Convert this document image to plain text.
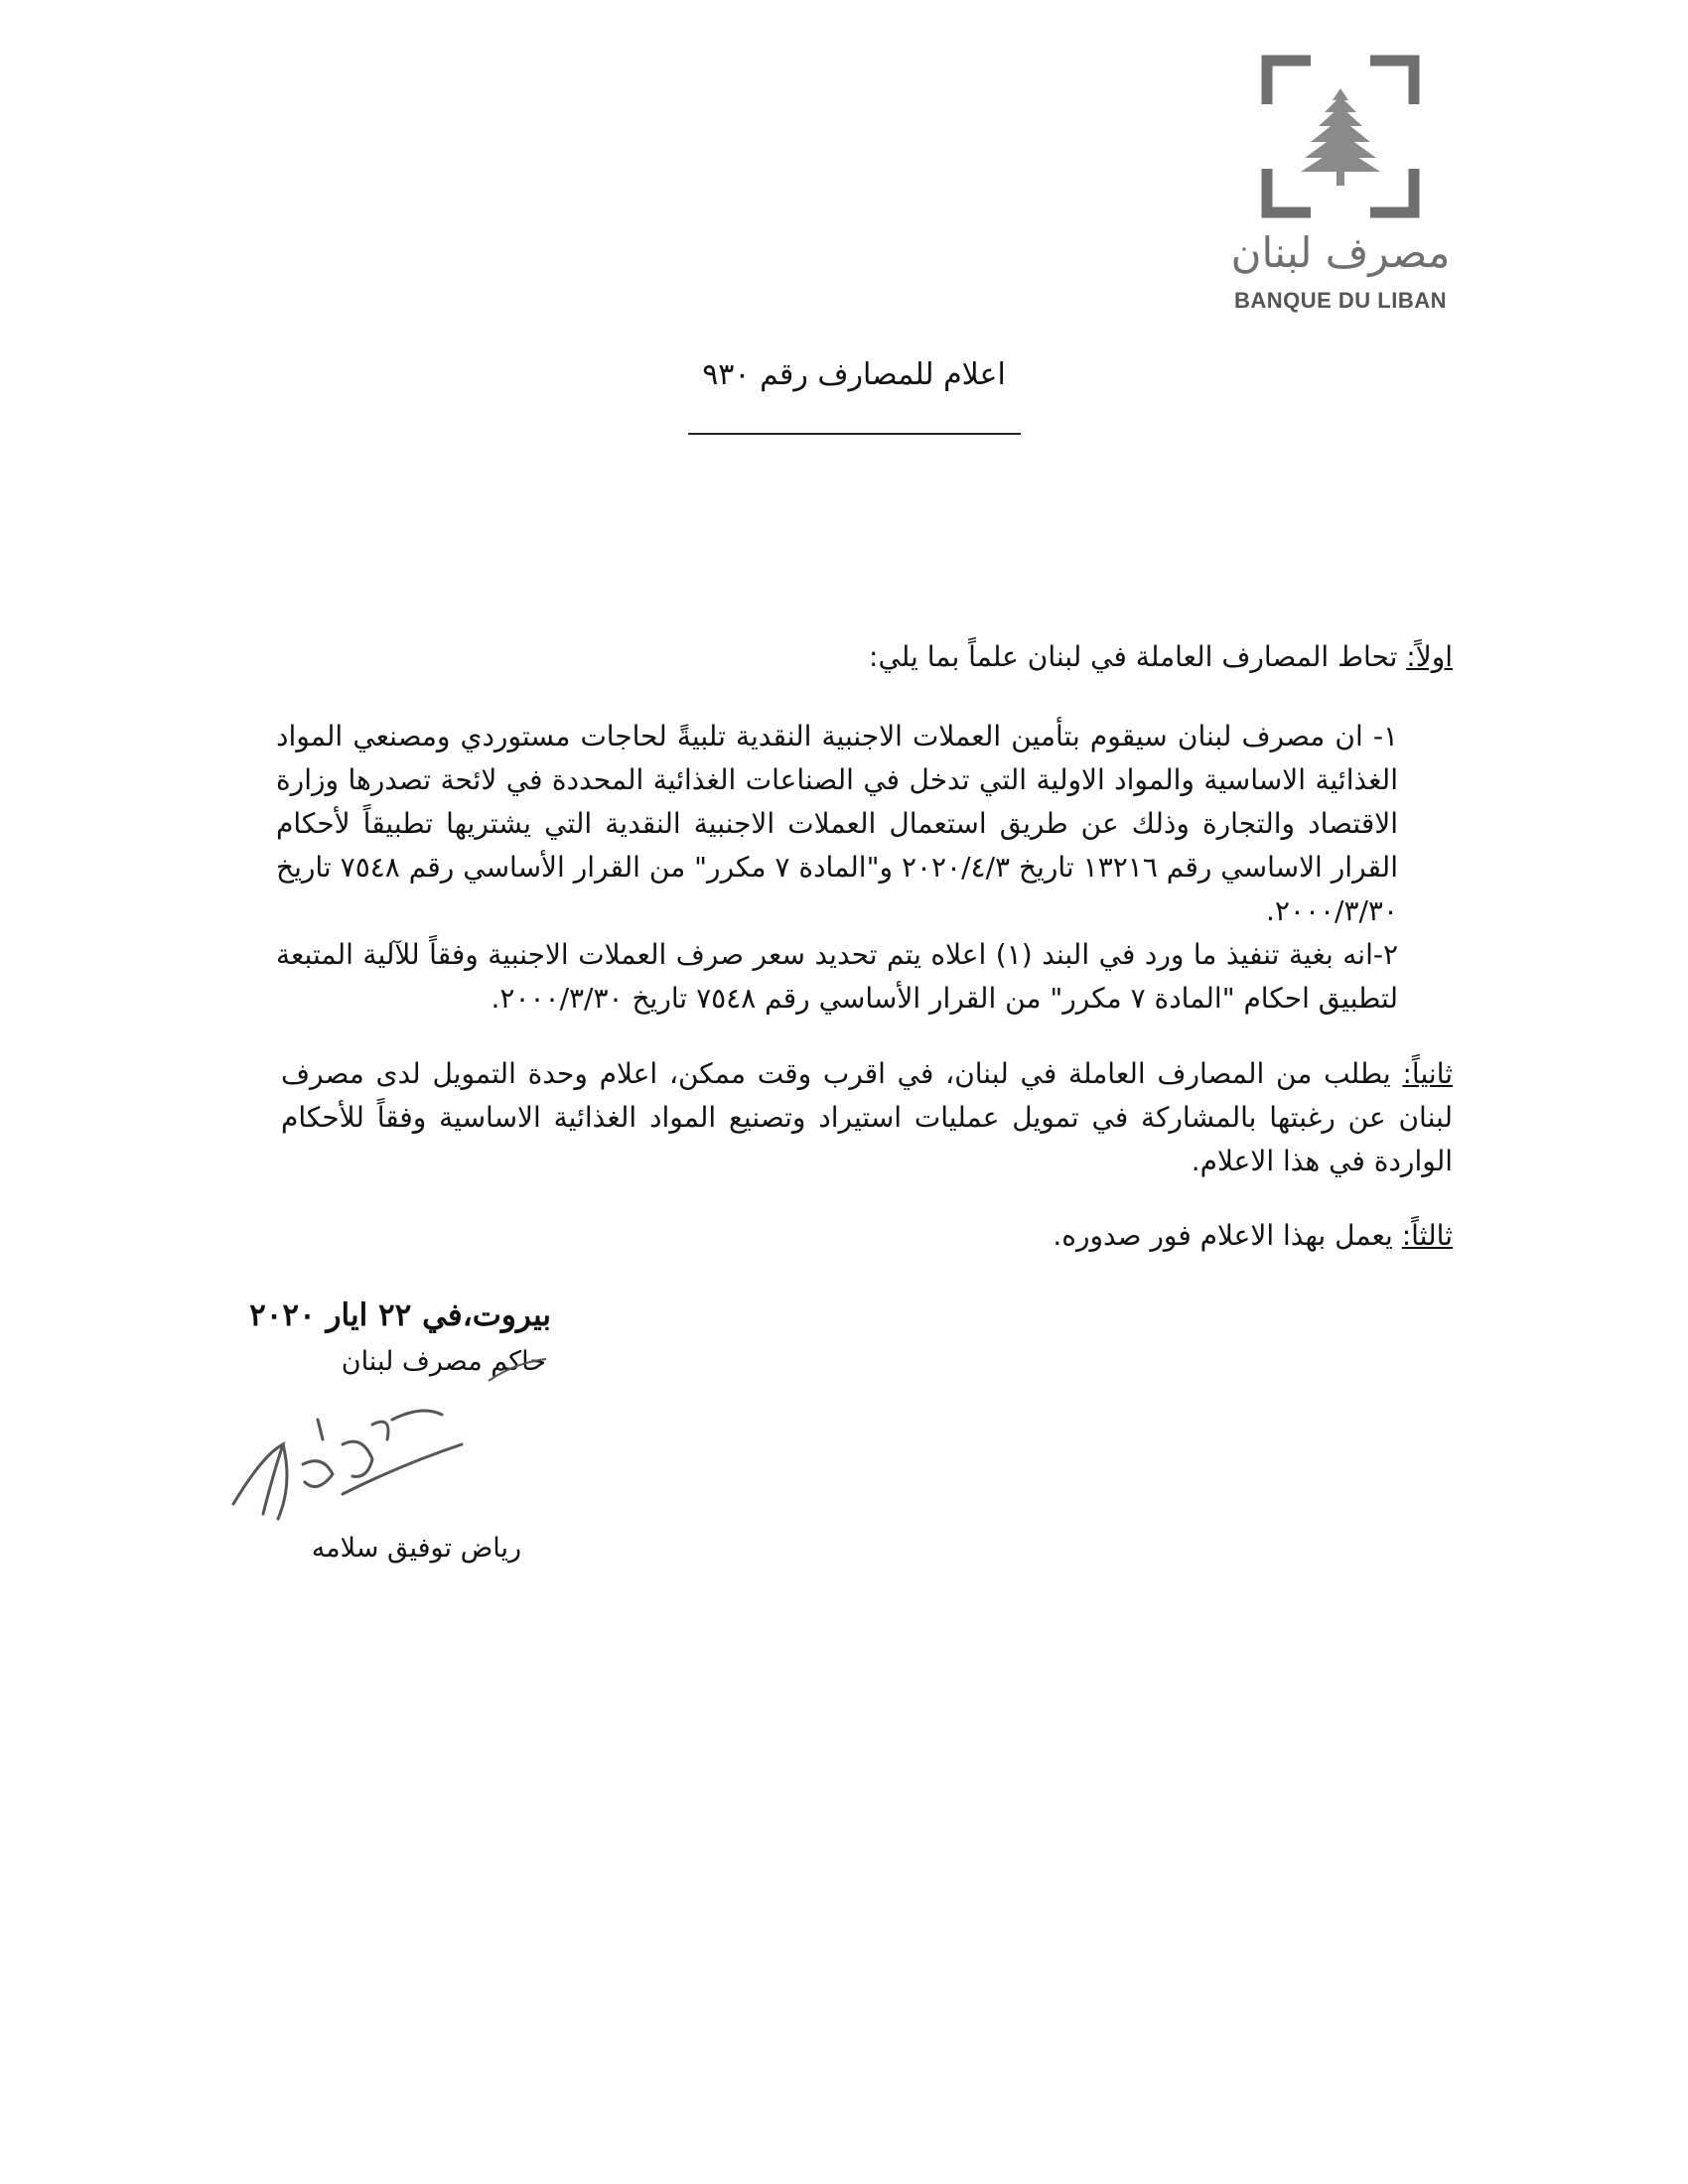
مصرف لبنان
BANQUE DU LIBAN
اعلام للمصارف رقم ٩٣٠
اولاً: تحاط المصارف العاملة في لبنان علماً بما يلي:

١- ان مصرف لبنان سيقوم بتأمين العملات الاجنبية النقدية تلبيةً لحاجات مستوردي ومصنعي المواد الغذائية الاساسية والمواد الاولية التي تدخل في الصناعات الغذائية المحددة في لائحة تصدرها وزارة الاقتصاد والتجارة وذلك عن طريق استعمال العملات الاجنبية النقدية التي يشتريها تطبيقاً لأحكام القرار الاساسي رقم ١٣٢١٦ تاريخ ٢٠٢٠/٤/٣ و"المادة ٧ مكرر" من القرار الأساسي رقم ٧٥٤٨ تاريخ ٢٠٠٠/٣/٣٠.

٢-انه بغية تنفيذ ما ورد في البند (١) اعلاه يتم تحديد سعر صرف العملات الاجنبية وفقاً للآلية المتبعة لتطبيق احكام "المادة ٧ مكرر" من القرار الأساسي رقم ٧٥٤٨ تاريخ ٢٠٠٠/٣/٣٠.

ثانياً: يطلب من المصارف العاملة في لبنان، في اقرب وقت ممكن، اعلام وحدة التمويل لدى مصرف لبنان عن رغبتها بالمشاركة في تمويل عمليات استيراد وتصنيع المواد الغذائية الاساسية وفقاً للأحكام الواردة في هذا الاعلام.
ثالثاً: يعمل بهذا الاعلام فور صدوره.
بيروت،في ٢٢ ايار ٢٠٢٠
حاكم مصرف لبنان
رياض توفيق سلامه
